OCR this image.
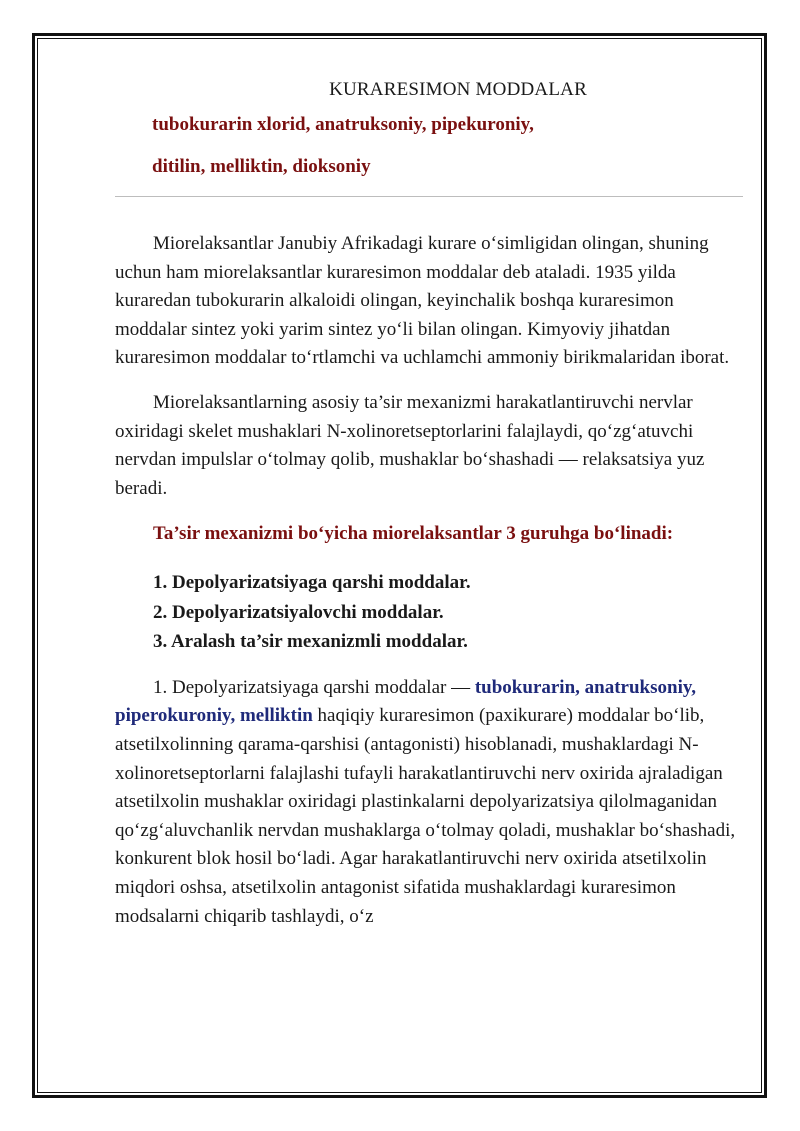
KURARESIMON MODDALAR

tubokurarin xlorid, anatruksoniy, pipekuroniy,

ditilin, melliktin, dioksoniy

Miorelaksantlar Janubiy Afrikadagi kurare oʻsimligidan olingan, shuning uchun ham miorelaksantlar kuraresimon moddalar deb ataladi. 1935 yilda kuraredan tubokurarin alkaloidi olingan, keyinchalik boshqa kuraresimon moddalar sintez yoki yarim sintez yoʻli bilan olingan. Kimyoviy jihatdan kuraresimon moddalar toʻrtlamchi va uchlamchi ammoniy birikmalaridan iborat.

Miorelaksantlarning asosiy ta’sir mexanizmi harakatlantiruvchi nervlar oxiridagi skelet mushaklari N-xolinoretseptorlarini falajlaydi, qoʻzgʻatuvchi nervdan impulslar oʻtolmay qolib, mushaklar boʻshashadi — relaksatsiya yuz beradi.

Ta’sir mexanizmi boʻyicha miorelaksantlar 3 guruhga boʻlinadi:

1. Depolyarizatsiyaga qarshi moddalar.
2. Depolyarizatsiyalovchi moddalar.
3. Aralash ta’sir mexanizmli moddalar.

1. Depolyarizatsiyaga qarshi moddalar — tubokurarin, anatruksoniy, piperokuroniy, melliktin haqiqiy kuraresimon (paxikurare) moddalar boʻlib, atsetilxolinning qarama-qarshisi (antagonisti) hisoblanadi, mushaklardagi N-xolinoretseptorlarni falajlashi tufayli harakatlantiruvchi nerv oxirida ajraladigan atsetilxolin mushaklar oxiridagi plastinkalarni depolyarizatsiya qilolmaganidan qoʻzgʻaluvchanlik nervdan mushaklarga oʻtolmay qoladi, mushaklar boʻshashadi, konkurent blok hosil boʻladi. Agar harakatlantiruvchi nerv oxirida atsetilxolin miqdori oshsa, atsetilxolin antagonist sifatida mushaklardagi kuraresimon modsalarni chiqarib tashlaydi, oʻz
